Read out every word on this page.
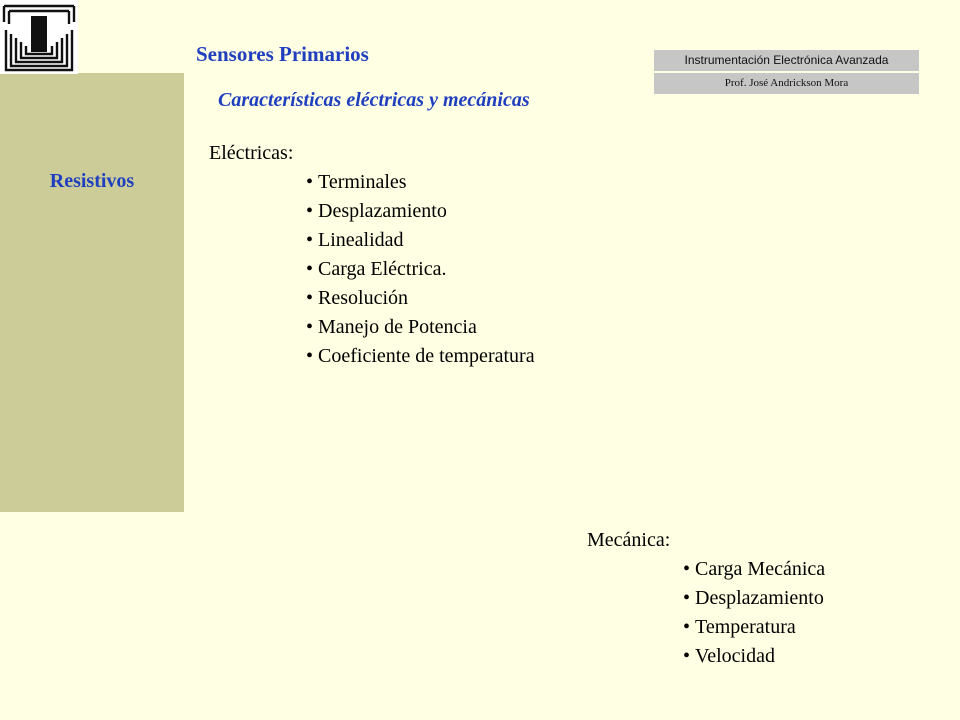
Resistivos
Sensores Primarios
Características eléctricas y mecánicas
Instrumentación Electrónica Avanzada
Prof. José Andrickson Mora

Eléctricas:

• Terminales
• Desplazamiento
• Linealidad
• Carga Eléctrica.
• Resolución
• Manejo de Potencia
• Coeficiente de temperatura

Mecánica:

• Carga Mecánica
• Desplazamiento
• Temperatura
• Velocidad
